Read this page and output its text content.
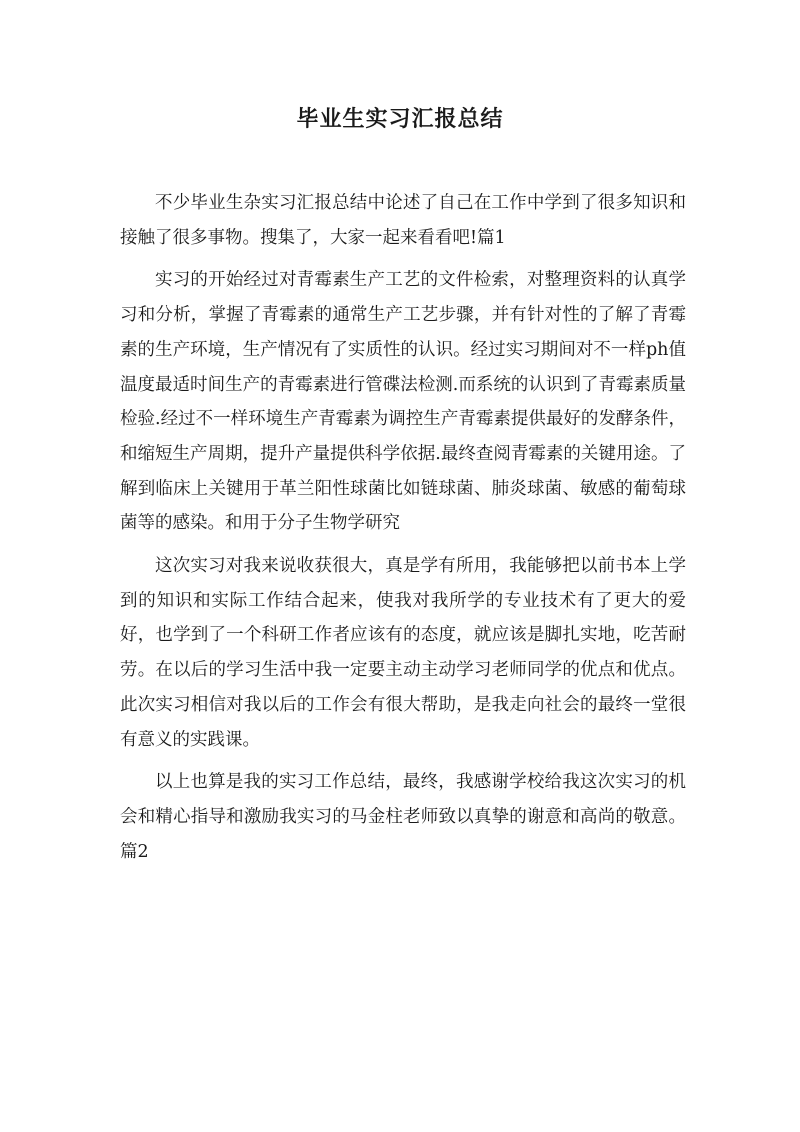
毕业生实习汇报总结

不少毕业生杂实习汇报总结中论述了自己在工作中学到了很多知识和接触了很多事物。搜集了，大家一起来看看吧!篇1

实习的开始经过对青霉素生产工艺的文件检索，对整理资料的认真学习和分析，掌握了青霉素的通常生产工艺步骤，并有针对性的了解了青霉素的生产环境，生产情况有了实质性的认识。经过实习期间对不一样ph值温度最适时间生产的青霉素进行管碟法检测.而系统的认识到了青霉素质量检验.经过不一样环境生产青霉素为调控生产青霉素提供最好的发酵条件，和缩短生产周期，提升产量提供科学依据.最终查阅青霉素的关键用途。了解到临床上关键用于革兰阳性球菌比如链球菌、肺炎球菌、敏感的葡萄球菌等的感染。和用于分子生物学研究

这次实习对我来说收获很大，真是学有所用，我能够把以前书本上学到的知识和实际工作结合起来，使我对我所学的专业技术有了更大的爱好，也学到了一个科研工作者应该有的态度，就应该是脚扎实地，吃苦耐劳。在以后的学习生活中我一定要主动主动学习老师同学的优点和优点。此次实习相信对我以后的工作会有很大帮助，是我走向社会的最终一堂很有意义的实践课。

以上也算是我的实习工作总结，最终，我感谢学校给我这次实习的机会和精心指导和激励我实习的马金柱老师致以真挚的谢意和高尚的敬意。篇2
